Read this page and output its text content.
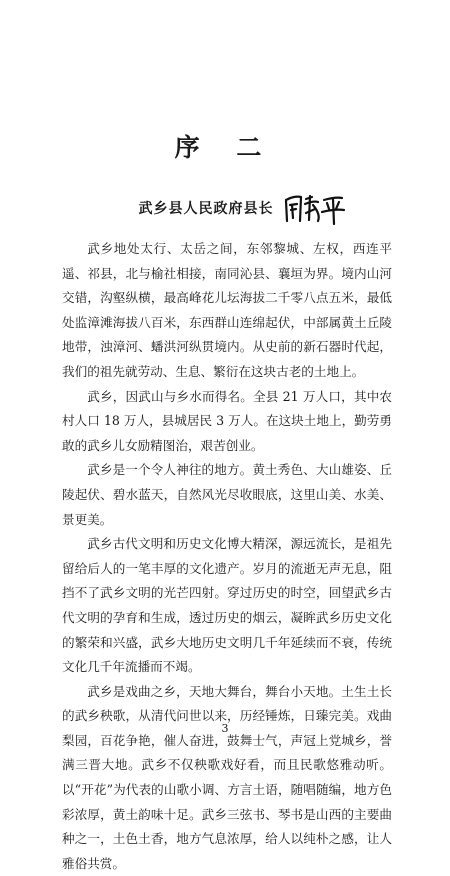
序 二
武乡县人民政府县长

武乡地处太行、太岳之间，东邻黎城、左权，西连平遥、祁县，北与榆社相接，南同沁县、襄垣为界。境内山河交错，沟壑纵横，最高峰花儿坛海拔二千零八点五米，最低处监漳滩海拔八百米，东西群山连绵起伏，中部属黄土丘陵地带，浊漳河、蟠洪河纵贯境内。从史前的新石器时代起，我们的祖先就劳动、生息、繁衍在这块古老的土地上。

武乡，因武山与乡水而得名。全县 21 万人口，其中农村人口 18 万人，县城居民 3 万人。在这块土地上，勤劳勇敢的武乡儿女励精图治，艰苦创业。

武乡是一个令人神往的地方。黄土秀色、大山雄姿、丘陵起伏、碧水蓝天，自然风光尽收眼底，这里山美、水美、景更美。

武乡古代文明和历史文化博大精深，源远流长，是祖先留给后人的一笔丰厚的文化遗产。岁月的流逝无声无息，阻挡不了武乡文明的光芒四射。穿过历史的时空，回望武乡古代文明的孕育和生成，透过历史的烟云，凝眸武乡历史文化的繁荣和兴盛，武乡大地历史文明几千年延续而不衰，传统文化几千年流播而不竭。

武乡是戏曲之乡，天地大舞台，舞台小天地。土生土长的武乡秧歌，从清代问世以来，历经锤炼，日臻完美。戏曲梨园，百花争艳，催人奋进，鼓舞士气，声冠上党城乡，誉满三晋大地。武乡不仅秧歌戏好看，而且民歌悠雅动听。以“开花”为代表的山歌小调、方言土语，随唱随编，地方色彩浓厚，黄土韵味十足。武乡三弦书、琴书是山西的主要曲种之一，土色土香，地方气息浓厚，给人以纯朴之感，让人雅俗共赏。

3
